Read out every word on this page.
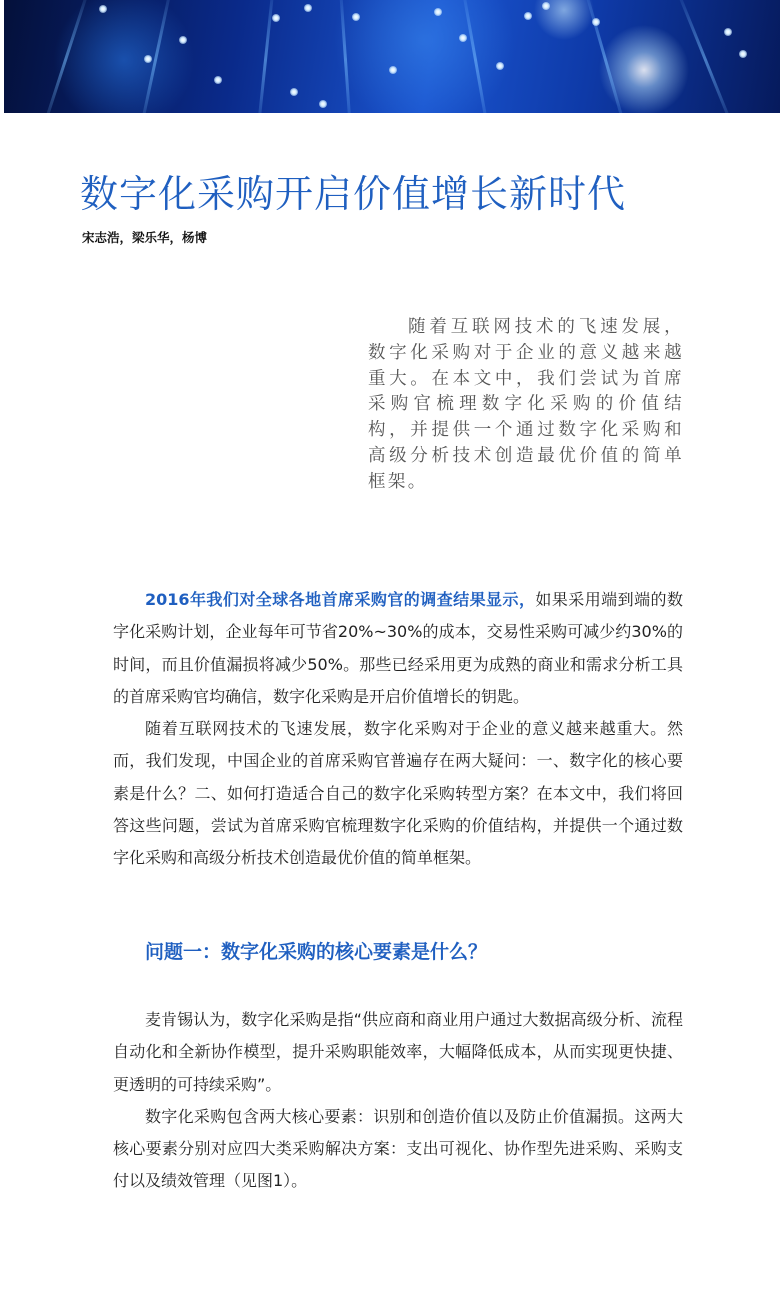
数字化采购开启价值增长新时代
宋志浩，梁乐华，杨博

随着互联网技术的飞速发展，数字化采购对于企业的意义越来越重大。在本文中，我们尝试为首席采购官梳理数字化采购的价值结构，并提供一个通过数字化采购和高级分析技术创造最优价值的简单框架。

2016年我们对全球各地首席采购官的调查结果显示，如果采用端到端的数字化采购计划，企业每年可节省20%~30%的成本，交易性采购可减少约30%的时间，而且价值漏损将减少50%。那些已经采用更为成熟的商业和需求分析工具的首席采购官均确信，数字化采购是开启价值增长的钥匙。

随着互联网技术的飞速发展，数字化采购对于企业的意义越来越重大。然而，我们发现，中国企业的首席采购官普遍存在两大疑问：一、数字化的核心要素是什么？二、如何打造适合自己的数字化采购转型方案？在本文中，我们将回答这些问题，尝试为首席采购官梳理数字化采购的价值结构，并提供一个通过数字化采购和高级分析技术创造最优价值的简单框架。

问题一：数字化采购的核心要素是什么？

麦肯锡认为，数字化采购是指“供应商和商业用户通过大数据高级分析、流程自动化和全新协作模型，提升采购职能效率，大幅降低成本，从而实现更快捷、更透明的可持续采购”。

数字化采购包含两大核心要素：识别和创造价值以及防止价值漏损。这两大核心要素分别对应四大类采购解决方案：支出可视化、协作型先进采购、采购支付以及绩效管理（见图1）。
